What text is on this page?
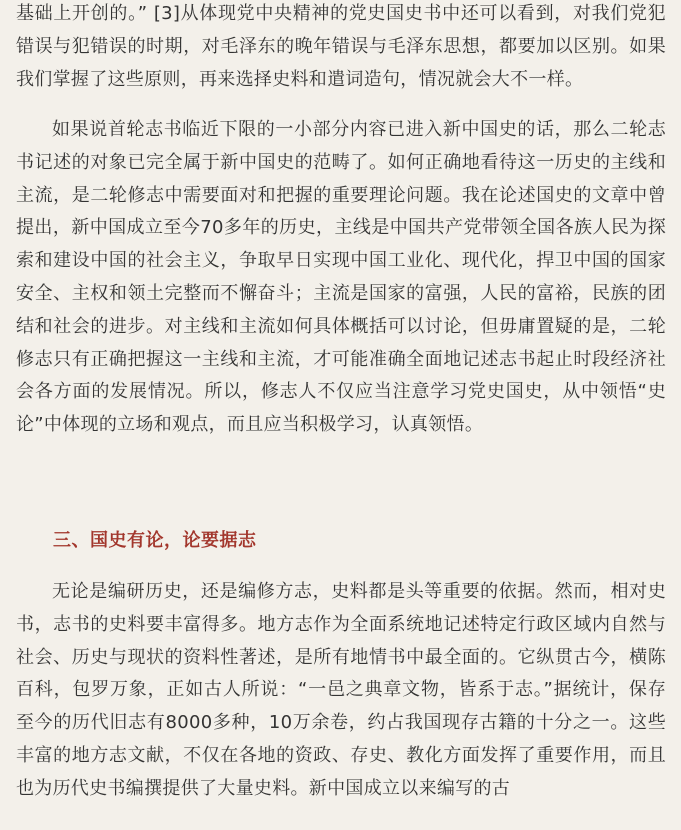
基础上开创的。” [3]从体现党中央精神的党史国史书中还可以看到，对我们党犯错误与犯错误的时期，对毛泽东的晚年错误与毛泽东思想，都要加以区别。如果我们掌握了这些原则，再来选择史料和遣词造句，情况就会大不一样。

如果说首轮志书临近下限的一小部分内容已进入新中国史的话，那么二轮志书记述的对象已完全属于新中国史的范畴了。如何正确地看待这一历史的主线和主流，是二轮修志中需要面对和把握的重要理论问题。我在论述国史的文章中曾提出，新中国成立至今70多年的历史，主线是中国共产党带领全国各族人民为探索和建设中国的社会主义，争取早日实现中国工业化、现代化，捍卫中国的国家安全、主权和领土完整而不懈奋斗；主流是国家的富强，人民的富裕，民族的团结和社会的进步。对主线和主流如何具体概括可以讨论，但毋庸置疑的是，二轮修志只有正确把握这一主线和主流，才可能准确全面地记述志书起止时段经济社会各方面的发展情况。所以，修志人不仅应当注意学习党史国史，从中领悟“史论”中体现的立场和观点，而且应当积极学习，认真领悟。

三、国史有论，论要据志

无论是编研历史，还是编修方志，史料都是头等重要的依据。然而，相对史书，志书的史料要丰富得多。地方志作为全面系统地记述特定行政区域内自然与社会、历史与现状的资料性著述，是所有地情书中最全面的。它纵贯古今，横陈百科，包罗万象，正如古人所说：“一邑之典章文物，皆系于志。”据统计，保存至今的历代旧志有8000多种，10万余卷，约占我国现存古籍的十分之一。这些丰富的地方志文献，不仅在各地的资政、存史、教化方面发挥了重要作用，而且也为历代史书编撰提供了大量史料。新中国成立以来编写的古
